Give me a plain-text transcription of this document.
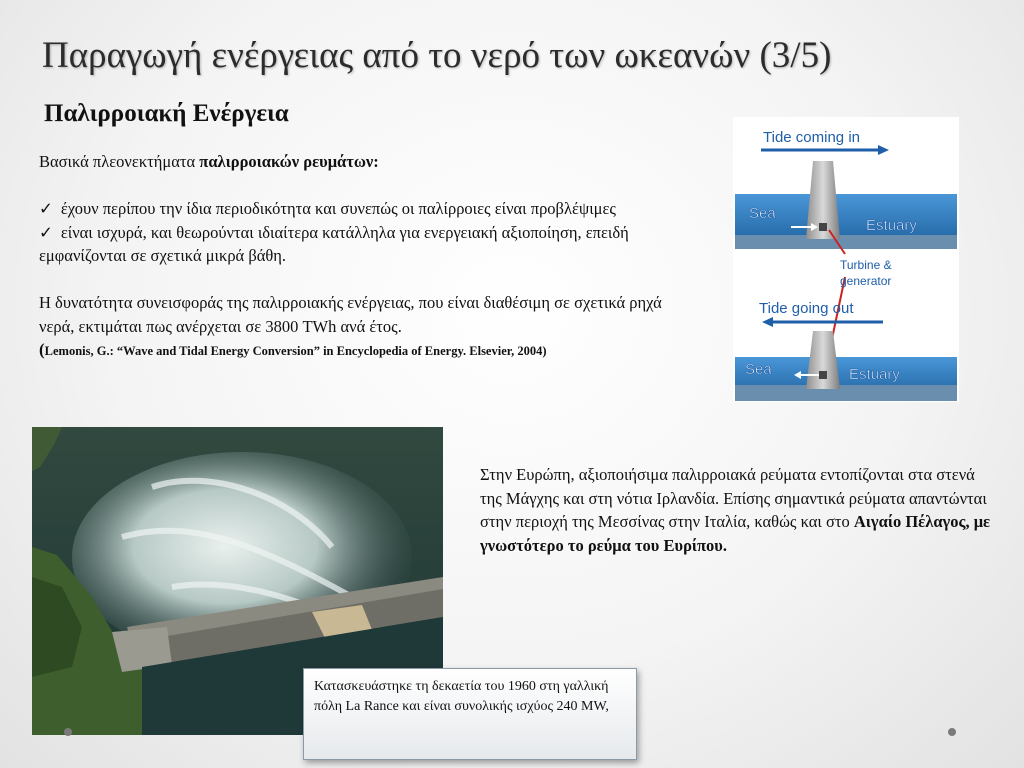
Παραγωγή ενέργειας από το νερό των ωκεανών (3/5)
Παλιρροιακή Ενέργεια

Βασικά πλεονεκτήματα παλιρροιακών ρευμάτων:

✓ έχουν περίπου την ίδια περιοδικότητα και συνεπώς οι παλίρροιες είναι προβλέψιμες

✓ είναι ισχυρά, και θεωρούνται ιδιαίτερα κατάλληλα για ενεργειακή αξιοποίηση, επειδή εμφανίζονται σε σχετικά μικρά βάθη.

Η δυνατότητα συνεισφοράς της παλιρροιακής ενέργειας, που είναι διαθέσιμη σε σχετικά ρηχά νερά, εκτιμάται πως ανέρχεται σε 3800 TWh ανά έτος.

(Lemonis, G.: “Wave and Tidal Energy Conversion” in Encyclopedia of Energy. Elsevier, 2004)

Tide coming in
Sea
Estuary
Turbine &
generator
Tide going out
Sea	Estuary

Στην Ευρώπη, αξιοποιήσιμα παλιρροιακά ρεύματα εντοπίζονται στα στενά της Μάγχης και στη νότια Ιρλανδία. Επίσης σημαντικά ρεύματα απαντώνται στην περιοχή της Μεσσίνας στην Ιταλία, καθώς και στο Αιγαίο Πέλαγος, με γνωστότερο το ρεύμα του Ευρίπου.

Κατασκευάστηκε τη δεκαετία του 1960 στη γαλλική πόλη La Rance και είναι συνολικής ισχύος 240 MW,
